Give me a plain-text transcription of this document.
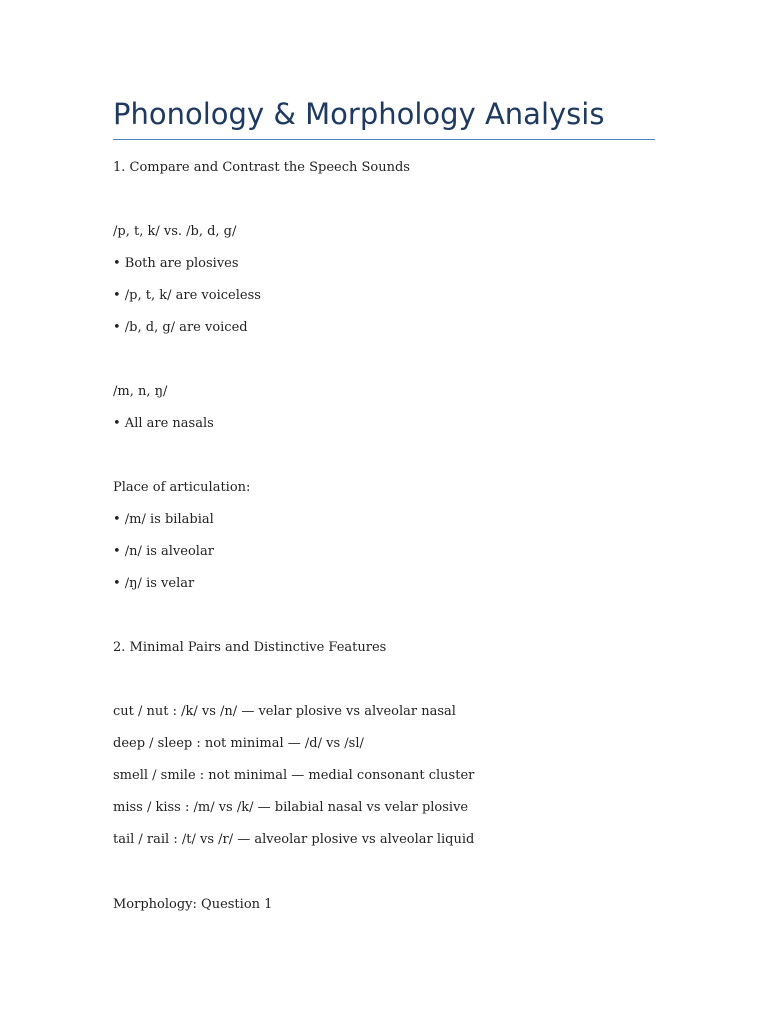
Phonology & Morphology Analysis

1. Compare and Contrast the Speech Sounds

/p, t, k/ vs. /b, d, g/

• Both are plosives

• /p, t, k/ are voiceless

• /b, d, g/ are voiced

/m, n, ŋ/

• All are nasals

Place of articulation:

• /m/ is bilabial

• /n/ is alveolar

• /ŋ/ is velar

2. Minimal Pairs and Distinctive Features

cut / nut : /k/ vs /n/ — velar plosive vs alveolar nasal

deep / sleep : not minimal — /d/ vs /sl/

smell / smile : not minimal — medial consonant cluster

miss / kiss : /m/ vs /k/ — bilabial nasal vs velar plosive

tail / rail : /t/ vs /r/ — alveolar plosive vs alveolar liquid

Morphology: Question 1
